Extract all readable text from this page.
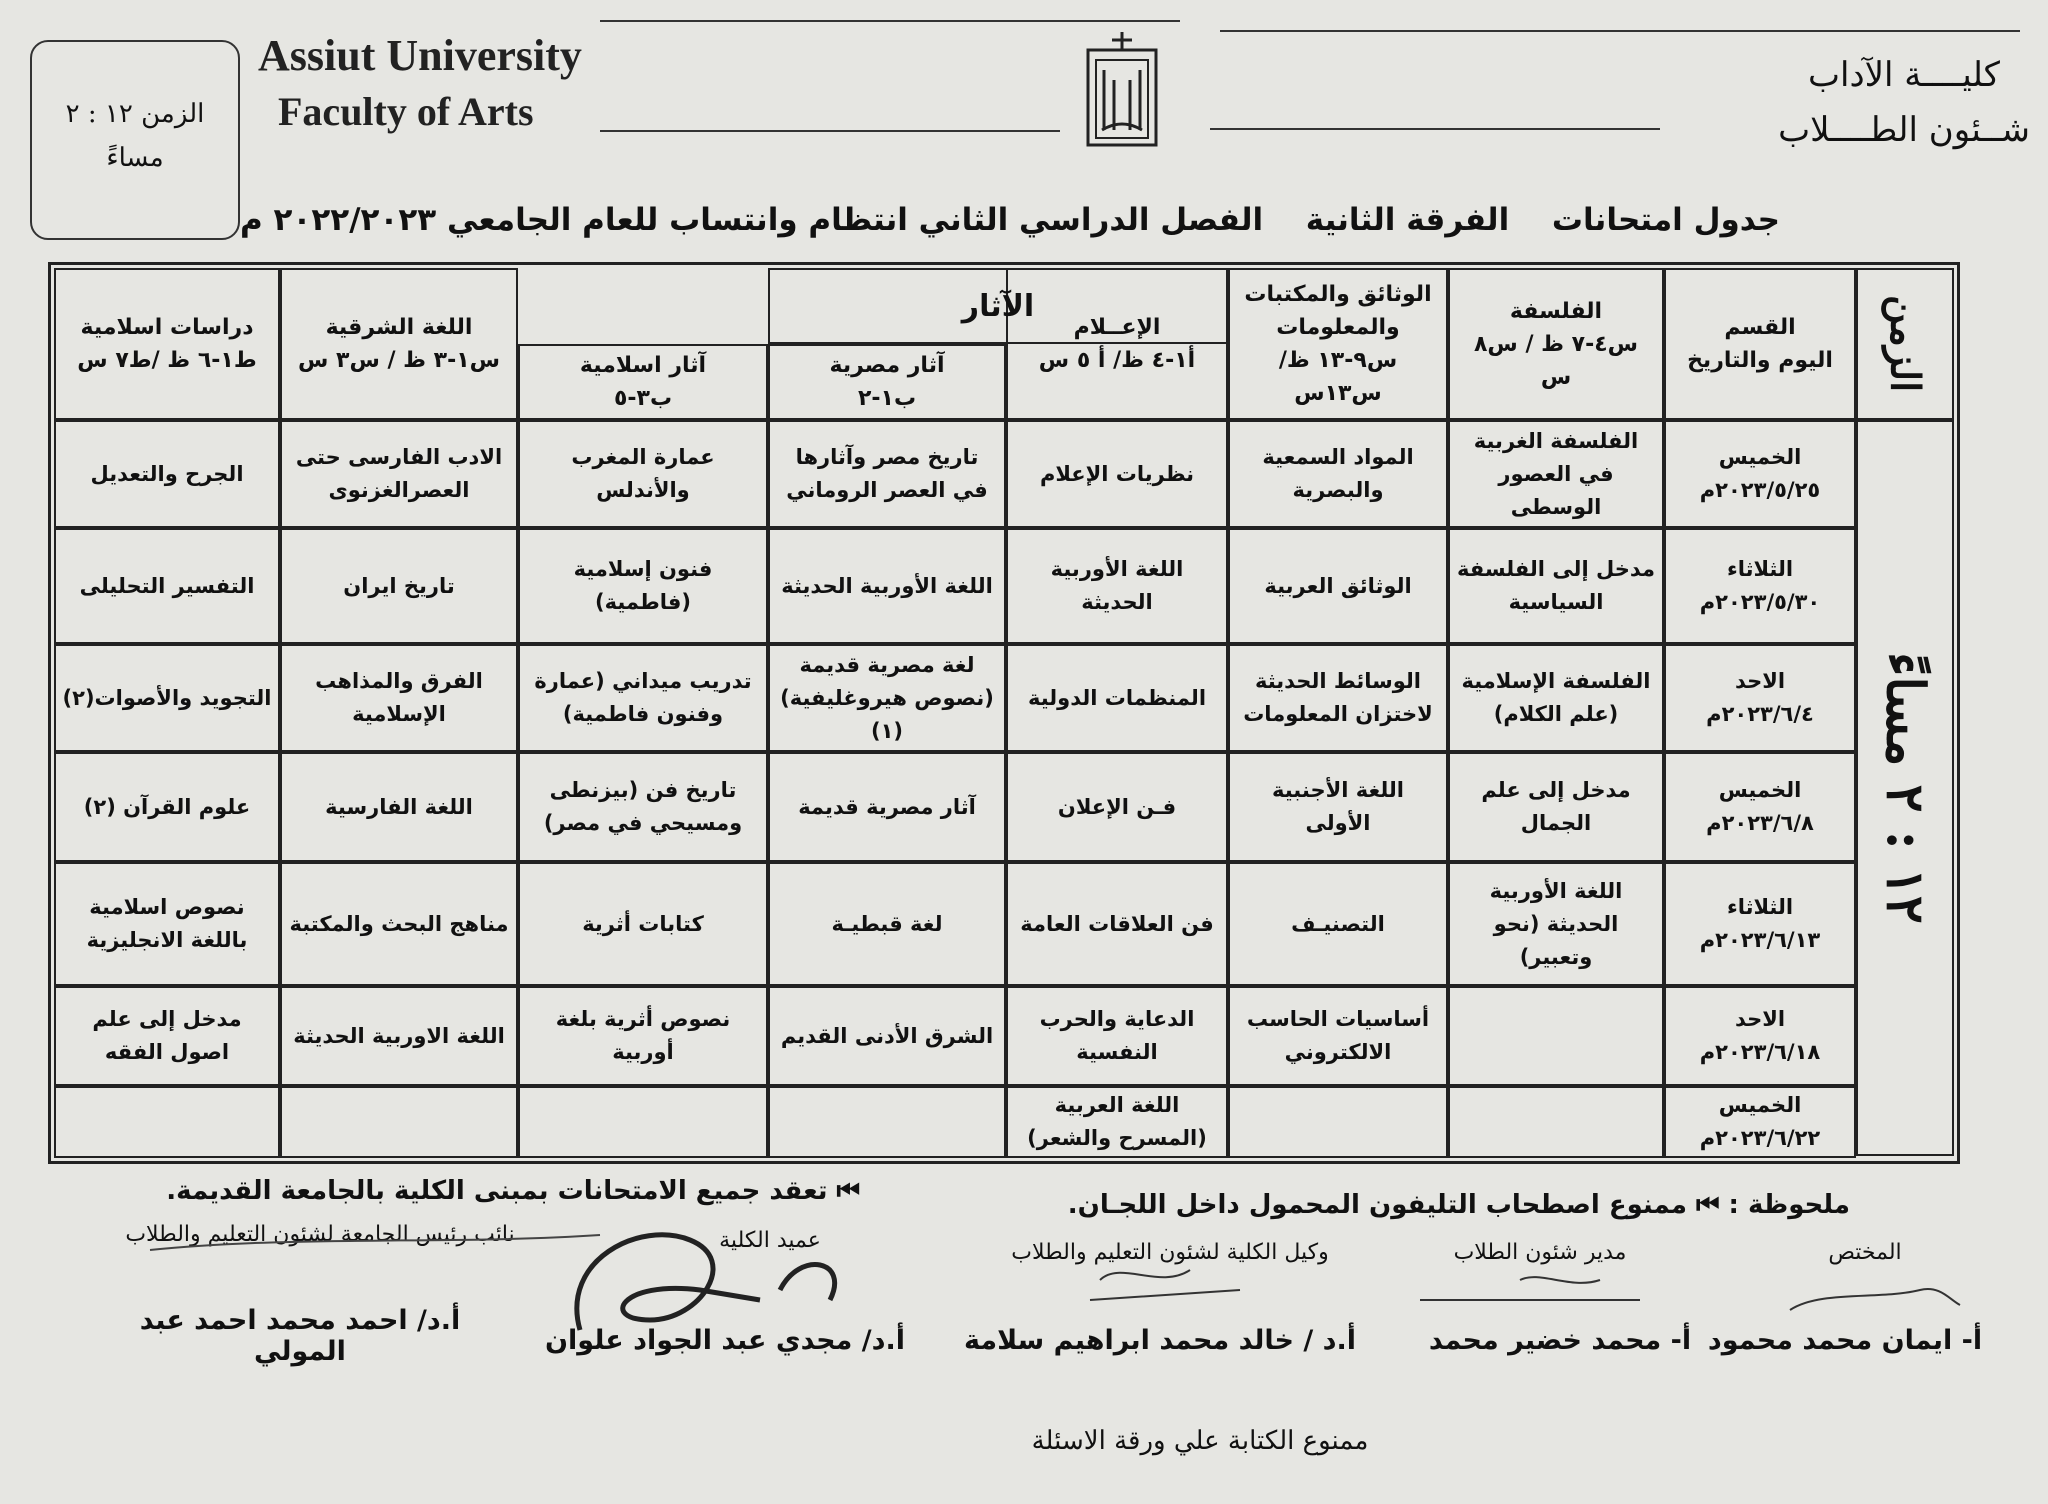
Assiut University
Faculty of Arts
كليــــة الآداب
شــئون الطــــلاب
الزمن ١٢ : ٢
مساءً
جدول امتحانات
الفرقة الثانية
الفصل الدراسي الثاني انتظام وانتساب للعام الجامعي ٢٠٢٢/٢٠٢٣ م
القسم
اليوم والتاريخ
الفلسفة
س٤-٧ ظ / س٨ س
الوثائق والمكتبات والمعلومات
س٩-١٣ ظ/ س١٣س
الإعــلام
أ١-٤ ظ/ أ ٥ س
آثار مصرية
ب١-٢
آثار اسلامية
ب٣-٥
اللغة الشرقية
س١-٣ ظ / س٣ س
دراسات اسلامية
ط١-٦ ظ /ط٧ س
الآثار
الخميس
٢٠٢٣/٥/٢٥م
الفلسفة الغربية في العصور الوسطى
المواد السمعية والبصرية
نظريات الإعلام
تاريخ مصر وآثارها في العصر الروماني
عمارة المغرب والأندلس
الادب الفارسى حتى العصرالغزنوى
الجرح والتعديل
الثلاثاء
٢٠٢٣/٥/٣٠م
مدخل إلى الفلسفة السياسية
الوثائق العربية
اللغة الأوربية الحديثة
اللغة الأوربية الحديثة
فنون إسلامية (فاطمية)
تاريخ ايران
التفسير التحليلى
الاحد
٢٠٢٣/٦/٤م
الفلسفة الإسلامية (علم الكلام)
الوسائط الحديثة لاختزان المعلومات
المنظمات الدولية
لغة مصرية قديمة (نصوص هيروغليفية) (١)
تدريب ميداني (عمارة وفنون فاطمية)
الفرق والمذاهب الإسلامية
التجويد والأصوات(٢)
الخميس
٢٠٢٣/٦/٨م
مدخل إلى علم الجمال
اللغة الأجنبية الأولى
فـن الإعلان
آثار مصرية قديمة
تاريخ فن (بيزنطى ومسيحي في مصر)
اللغة الفارسية
علوم القرآن (٢)
الثلاثاء
٢٠٢٣/٦/١٣م
اللغة الأوربية الحديثة (نحو وتعبير)
التصنيـف
فن العلاقات العامة
لغة قبطيـة
كتابات أثرية
مناهج البحث والمكتبة
نصوص اسلامية باللغة الانجليزية
الاحد
٢٠٢٣/٦/١٨م
أساسيات الحاسب الالكتروني
الدعاية والحرب النفسية
الشرق الأدنى القديم
نصوص أثرية بلغة أوربية
اللغة الاوربية الحديثة
مدخل إلى علم اصول الفقه
الخميس
٢٠٢٣/٦/٢٢م
اللغة العربية (المسرح والشعر)
الزمن
١٢ : ٢ مساءً
ملحوظة : ⏮ ممنوع اصطحاب التليفون المحمول داخل اللجـان.
⏮ تعقد جميع الامتحانات بمبنى الكلية بالجامعة القديمة.
المختص
أ- ايمان محمد محمود
مدير شئون الطلاب
أ- محمد خضير محمد
وكيل الكلية لشئون التعليم والطلاب
أ.د / خالد محمد ابراهيم سلامة
عميد الكلية
أ.د/ مجدي عبد الجواد علوان
نائب رئيس الجامعة لشئون التعليم والطلاب
أ.د/ احمد محمد احمد عبد المولي
ممنوع الكتابة علي ورقة الاسئلة
